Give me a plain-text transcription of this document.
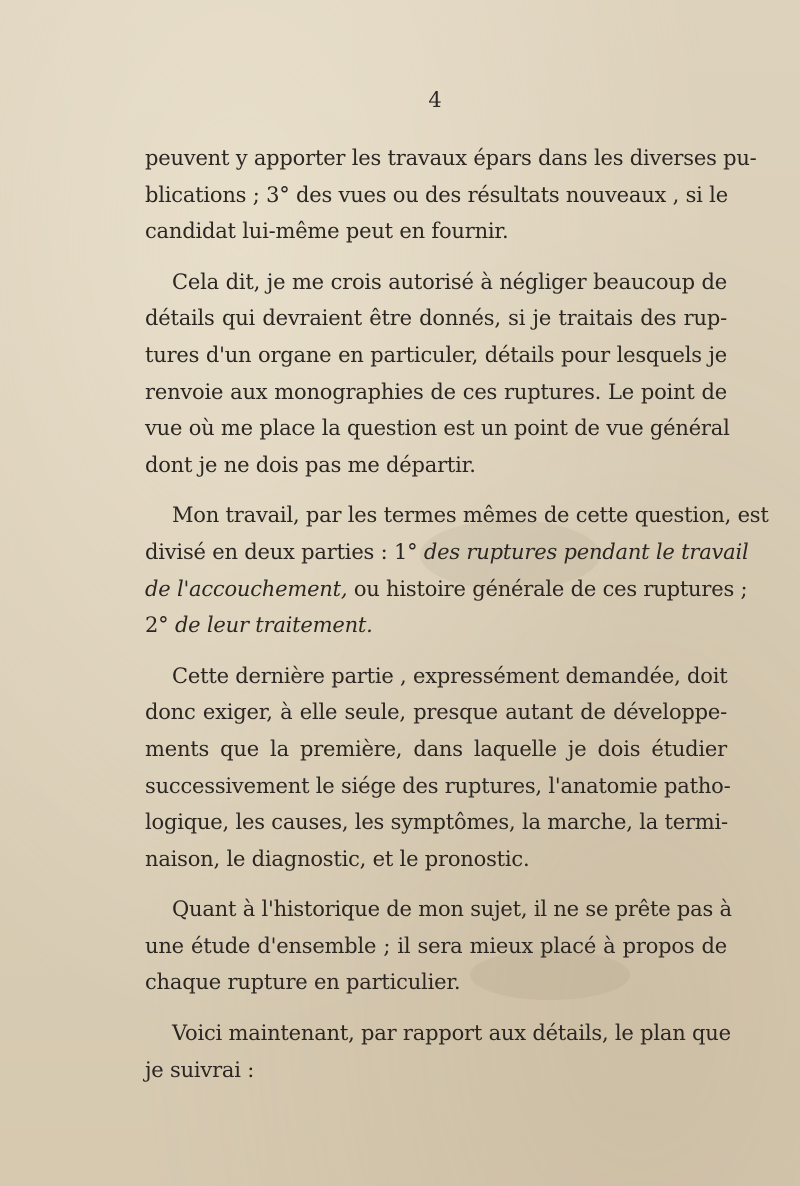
4

peuvent y apporter les travaux épars dans les diverses pu-
blications ; 3° des vues ou des résultats nouveaux , si le
candidat lui-même peut en fournir.

Cela dit, je me crois autorisé à négliger beaucoup de
détails qui devraient être donnés, si je traitais des rup-
tures d'un organe en particuler, détails pour lesquels je
renvoie aux monographies de ces ruptures. Le point de
vue où me place la question est un point de vue général
dont je ne dois pas me départir.

Mon travail, par les termes mêmes de cette question, est
divisé en deux parties : 1° des ruptures pendant le travail
de l'accouchement, ou histoire générale de ces ruptures ;
2° de leur traitement.

Cette dernière partie , expressément demandée, doit
donc exiger, à elle seule, presque autant de développe-
ments que la première, dans laquelle je dois étudier
successivement le siége des ruptures, l'anatomie patho-
logique, les causes, les symptômes, la marche, la termi-
naison, le diagnostic, et le pronostic.

Quant à l'historique de mon sujet, il ne se prête pas à
une étude d'ensemble ; il sera mieux placé à propos de
chaque rupture en particulier.

Voici maintenant, par rapport aux détails, le plan que
je suivrai :
